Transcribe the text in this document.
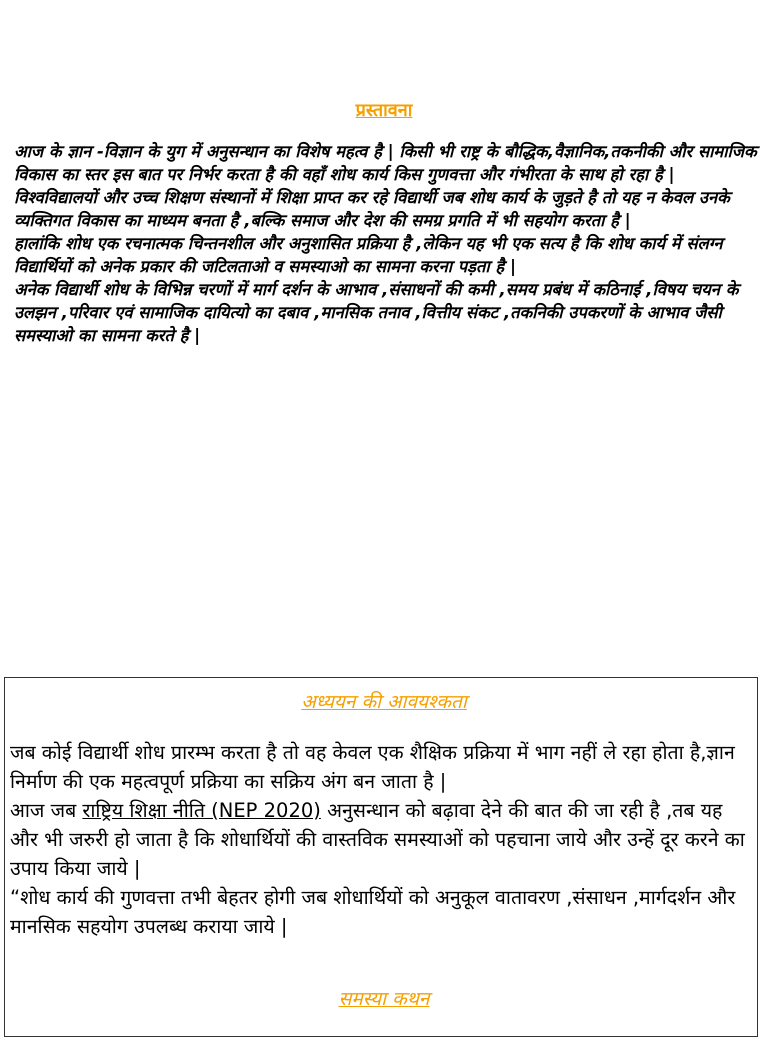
प्रस्तावना

आज के ज्ञान -विज्ञान के युग में अनुसन्धान का विशेष महत्व है | किसी भी राष्ट्र के बौद्धिक,वैज्ञानिक,तकनीकी और सामाजिक विकास का स्तर इस बात पर निर्भर करता है की वहाँ शोध कार्य किस गुणवत्ता और गंभीरता के साथ हो रहा है | विश्वविद्यालयों और उच्च शिक्षण संस्थानों में शिक्षा प्राप्त कर रहे विद्यार्थी जब शोध कार्य के जुड़ते है तो यह न केवल उनके व्यक्तिगत विकास का माध्यम बनता है ,बल्कि समाज और देश की समग्र प्रगति में भी सहयोग करता है |

हालांकि शोध एक रचनात्मक चिन्तनशील और अनुशासित प्रक्रिया है ,लेकिन यह भी एक सत्य है कि शोध कार्य में संलग्न विद्यार्थियों को अनेक प्रकार की जटिलताओ व समस्याओ का सामना करना पड़ता है |

अनेक विद्यार्थी शोध के विभिन्न चरणों में मार्ग दर्शन के आभाव ,संसाधनों की कमी ,समय प्रबंध में कठिनाई ,विषय चयन के उलझन ,परिवार एवं सामाजिक दायित्यो का दबाव ,मानसिक तनाव ,वित्तीय संकट ,तकनिकी उपकरणों के आभाव जैसी समस्याओ का सामना करते है |

अध्ययन की आवयश्कता

जब कोई विद्यार्थी शोध प्रारम्भ करता है तो वह केवल एक शैक्षिक प्रक्रिया में भाग नहीं ले रहा होता है,ज्ञान निर्माण की एक महत्वपूर्ण प्रक्रिया का सक्रिय अंग बन जाता है |

आज जब राष्ट्रिय शिक्षा नीति (NEP 2020) अनुसन्धान को बढ़ावा देने की बात की जा रही है ,तब यह और भी जरुरी हो जाता है कि शोधार्थियों की वास्तविक समस्याओं को पहचाना जाये और उन्हें दूर करने का उपाय किया जाये |

“शोध कार्य की गुणवत्ता तभी बेहतर होगी जब शोधार्थियों को अनुकूल वातावरण ,संसाधन ,मार्गदर्शन और मानसिक सहयोग उपलब्ध कराया जाये |

समस्या कथन
